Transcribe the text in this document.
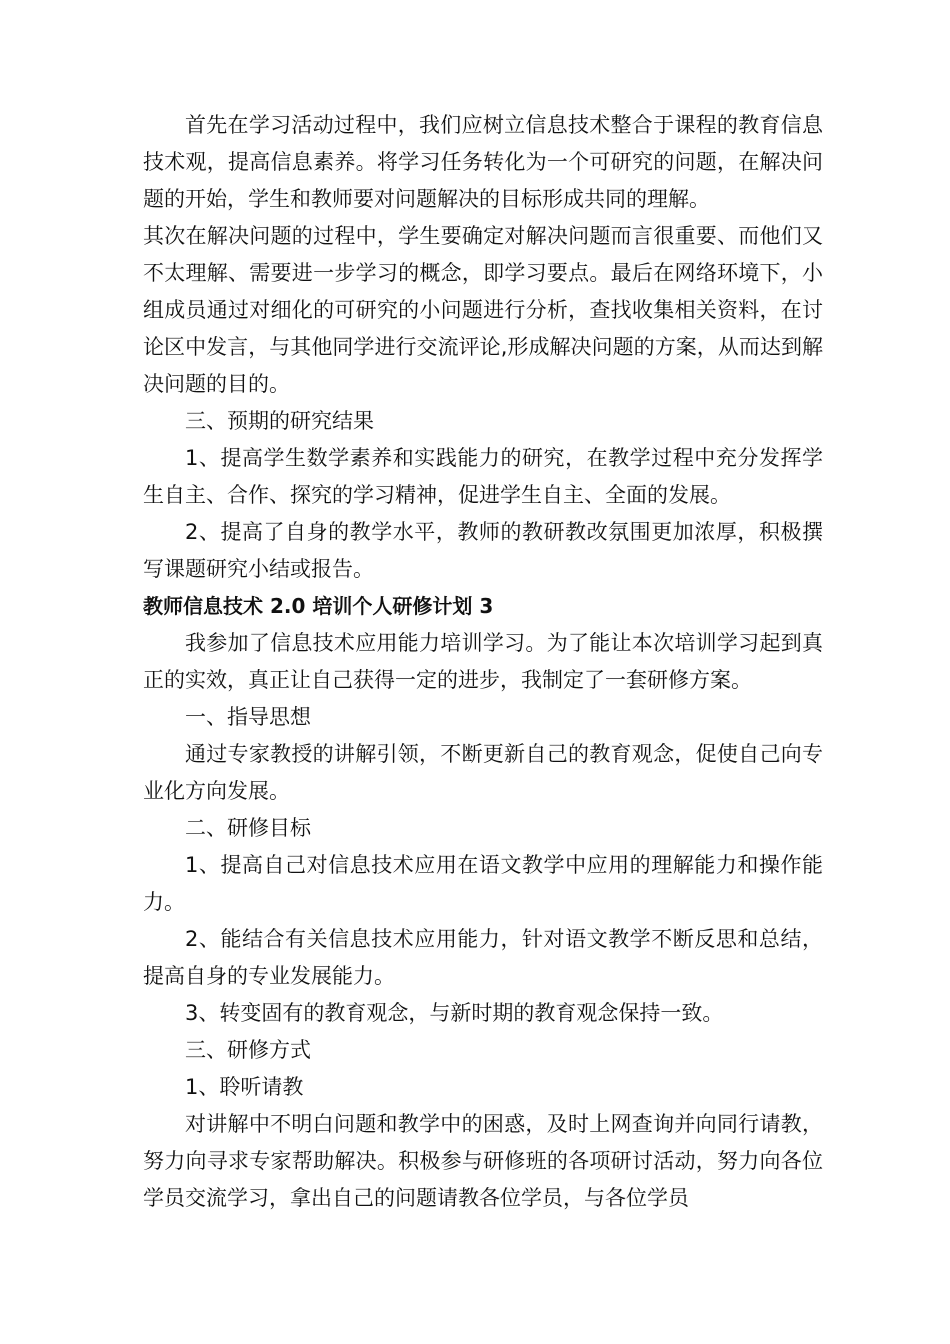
首先在学习活动过程中，我们应树立信息技术整合于课程的教育信息技术观，提高信息素养。将学习任务转化为一个可研究的问题，在解决问题的开始，学生和教师要对问题解决的目标形成共同的理解。

其次在解决问题的过程中，学生要确定对解决问题而言很重要、而他们又不太理解、需要进一步学习的概念，即学习要点。最后在网络环境下，小组成员通过对细化的可研究的小问题进行分析，查找收集相关资料，在讨论区中发言，与其他同学进行交流评论,形成解决问题的方案，从而达到解决问题的目的。

三、预期的研究结果

1、提高学生数学素养和实践能力的研究，在教学过程中充分发挥学生自主、合作、探究的学习精神，促进学生自主、全面的发展。

2、提高了自身的教学水平，教师的教研教改氛围更加浓厚，积极撰写课题研究小结或报告。

教师信息技术 2.0 培训个人研修计划 3

我参加了信息技术应用能力培训学习。为了能让本次培训学习起到真正的实效，真正让自己获得一定的进步，我制定了一套研修方案。

一、指导思想

通过专家教授的讲解引领，不断更新自己的教育观念，促使自己向专业化方向发展。

二、研修目标

1、提高自己对信息技术应用在语文教学中应用的理解能力和操作能力。

2、能结合有关信息技术应用能力，针对语文教学不断反思和总结，提高自身的专业发展能力。

3、转变固有的教育观念，与新时期的教育观念保持一致。

三、研修方式

1、聆听请教

对讲解中不明白问题和教学中的困惑，及时上网查询并向同行请教，努力向寻求专家帮助解决。积极参与研修班的各项研讨活动，努力向各位学员交流学习，拿出自己的问题请教各位学员，与各位学员
